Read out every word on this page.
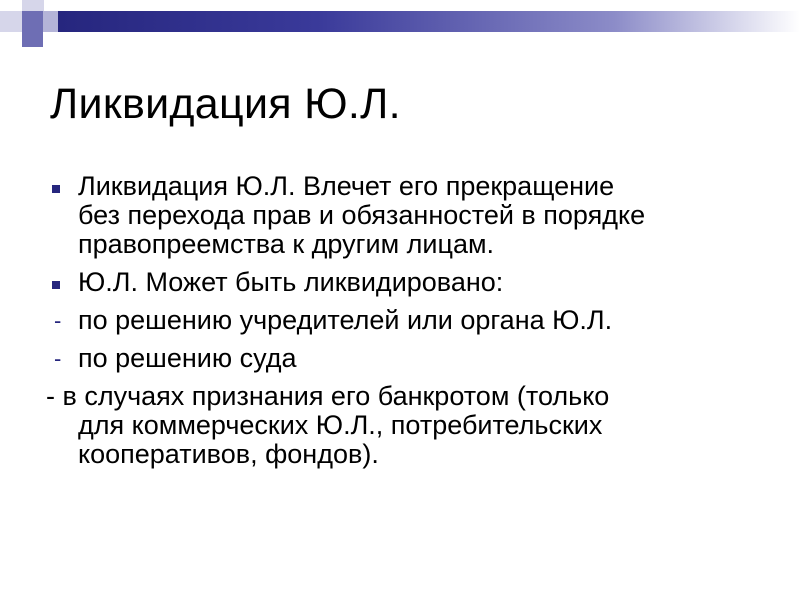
Ликвидация Ю.Л.
Ликвидация Ю.Л. Влечет его прекращение
без перехода прав и обязанностей в порядке
правопреемства к другим лицам.
Ю.Л. Может быть ликвидировано:
- по решению учредителей или органа Ю.Л.
- по решению суда
- в случаях признания его банкротом (только
для коммерческих Ю.Л., потребительских
кооперативов, фондов).
